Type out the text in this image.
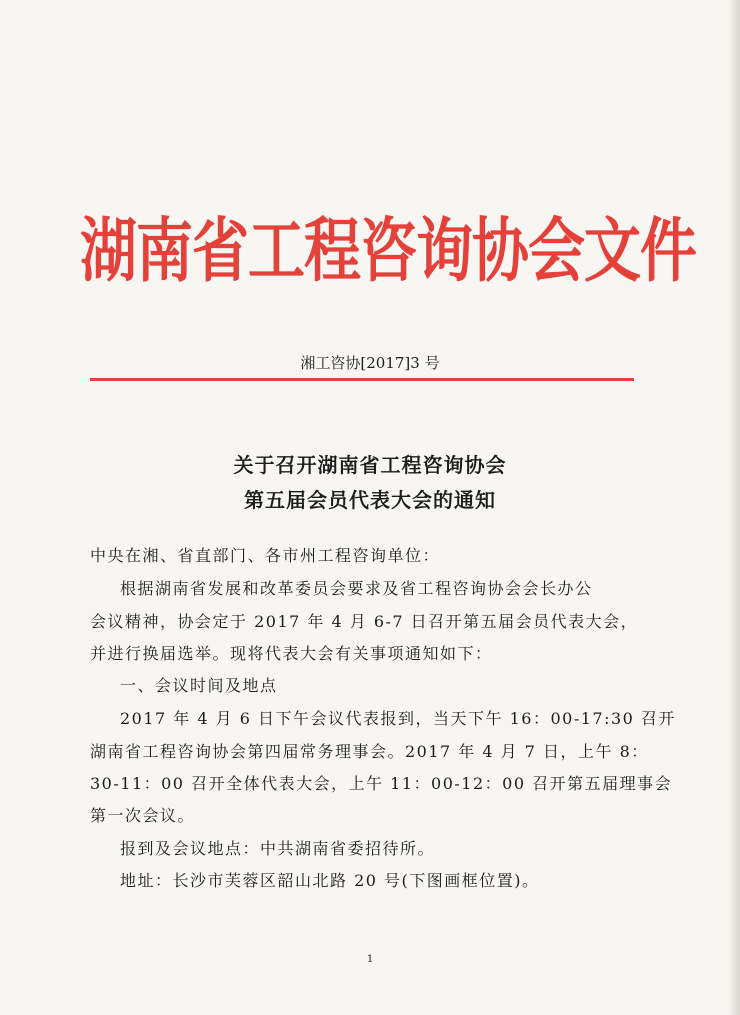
湖南省工程咨询协会文件
湘工咨协[2017]3 号
关于召开湖南省工程咨询协会
第五届会员代表大会的通知
中央在湘、省直部门、各市州工程咨询单位：
根据湖南省发展和改革委员会要求及省工程咨询协会会长办公
会议精神，协会定于 2017 年 4 月 6-7 日召开第五届会员代表大会，
并进行换届选举。现将代表大会有关事项通知如下：
一、会议时间及地点
2017 年 4 月 6 日下午会议代表报到，当天下午 16：00-17:30 召开
湖南省工程咨询协会第四届常务理事会。2017 年 4 月 7 日，上午 8：
30-11：00 召开全体代表大会，上午 11：00-12：00 召开第五届理事会
第一次会议。
报到及会议地点：中共湖南省委招待所。
地址：长沙市芙蓉区韶山北路 20 号(下图画框位置)。
1
